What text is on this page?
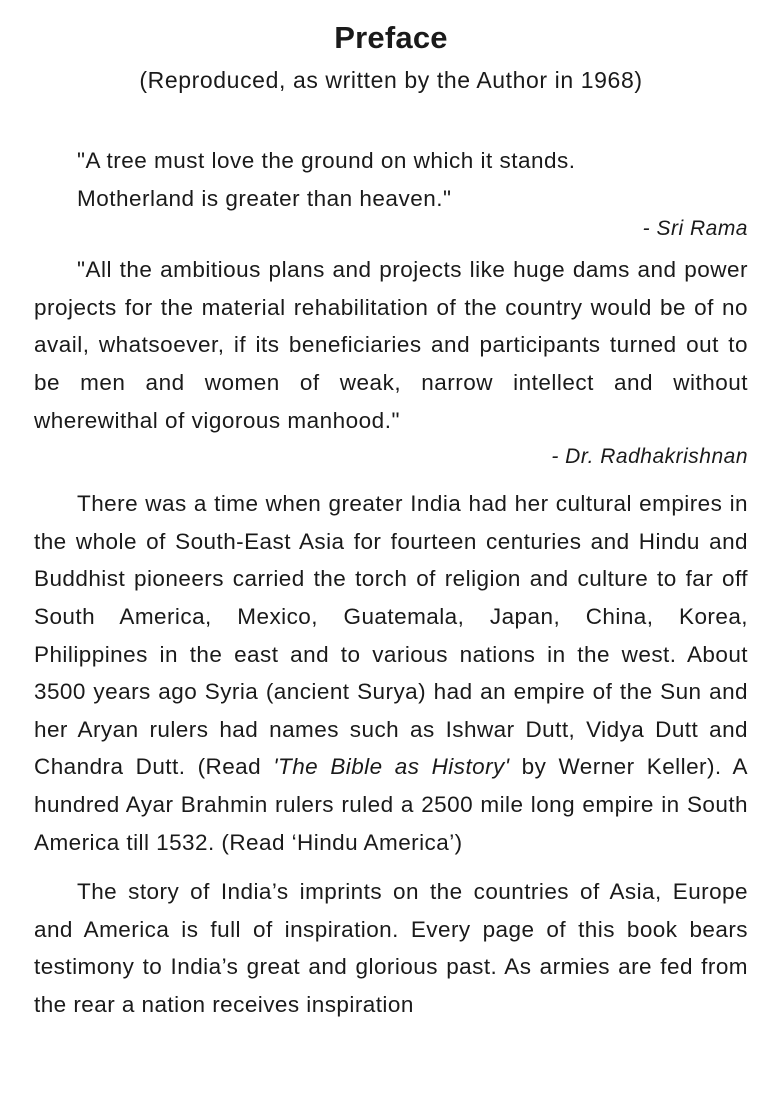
Preface
(Reproduced, as written by the Author in 1968)
"A tree must love the ground on which it stands.
Motherland is greater than heaven."

- Sri Rama

"All the ambitious plans and projects like huge dams and power projects for the material rehabilitation of the country would be of no avail, whatsoever, if its beneficiaries and participants turned out to be men and women of weak, narrow intellect and without wherewithal of vigorous manhood."

- Dr. Radhakrishnan

There was a time when greater India had her cultural empires in the whole of South-East Asia for fourteen centuries and Hindu and Buddhist pioneers carried the torch of religion and culture to far off South America, Mexico, Guatemala, Japan, China, Korea, Philippines in the east and to various nations in the west. About 3500 years ago Syria (ancient Surya) had an empire of the Sun and her Aryan rulers had names such as Ishwar Dutt, Vidya Dutt and Chandra Dutt. (Read 'The Bible as History' by Werner Keller). A hundred Ayar Brahmin rulers ruled a 2500 mile long empire in South America till 1532. (Read ‘Hindu America’)

The story of India’s imprints on the countries of Asia, Europe and America is full of inspiration. Every page of this book bears testimony to India’s great and glorious past. As armies are fed from the rear a nation receives inspiration
